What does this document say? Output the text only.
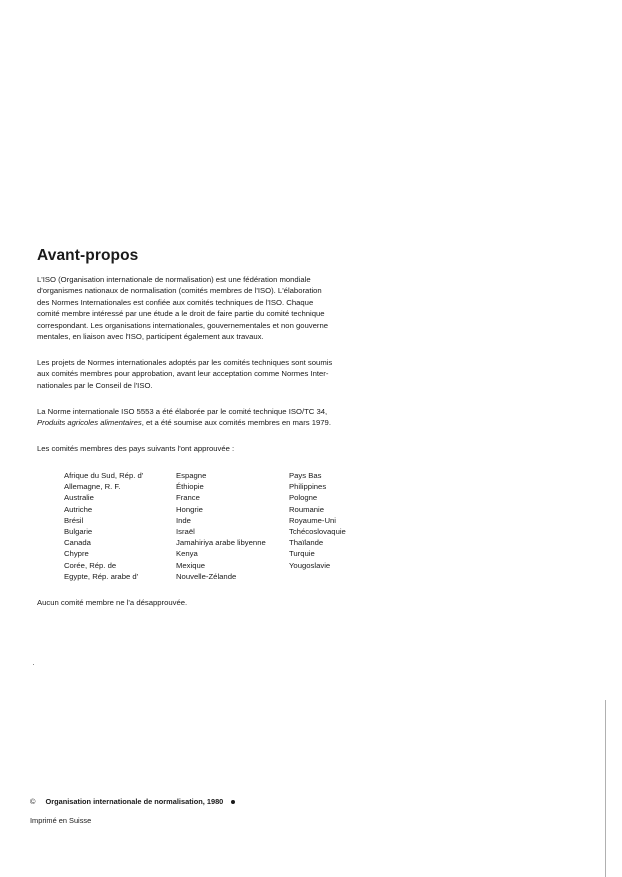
Avant-propos
L'ISO (Organisation internationale de normalisation) est une fédération mondiale
d'organismes nationaux de normalisation (comités membres de l'ISO). L'élaboration
des Normes Internationales est confiée aux comités techniques de l'ISO. Chaque
comité membre intéressé par une étude a le droit de faire partie du comité technique
correspondant. Les organisations internationales, gouvernementales et non gouverne
mentales, en liaison avec l'ISO, participent également aux travaux.
Les projets de Normes internationales adoptés par les comités techniques sont soumis
aux comités membres pour approbation, avant leur acceptation comme Normes Inter-
nationales par le Conseil de l'ISO.
La Norme internationale ISO 5553 a été élaborée par le comité technique ISO/TC 34,
Produits agricoles alimentaires, et a été soumise aux comités membres en mars 1979.
Les comités membres des pays suivants l'ont approuvée :
Afrique du Sud, Rép. d'
Allemagne, R. F.
Australie
Autriche
Brésil
Bulgarie
Canada
Chypre
Corée, Rép. de
Egypte, Rép. arabe d'
Espagne
Éthiopie
France
Hongrie
Inde
Israël
Jamahiriya arabe libyenne
Kenya
Mexique
Nouvelle-Zélande
Pays Bas
Philippines
Pologne
Roumanie
Royaume-Uni
Tchécoslovaquie
Thaïlande
Turquie
Yougoslavie
Aucun comité membre ne l'a désapprouvée.
© Organisation internationale de normalisation, 1980
Imprimé en Suisse
